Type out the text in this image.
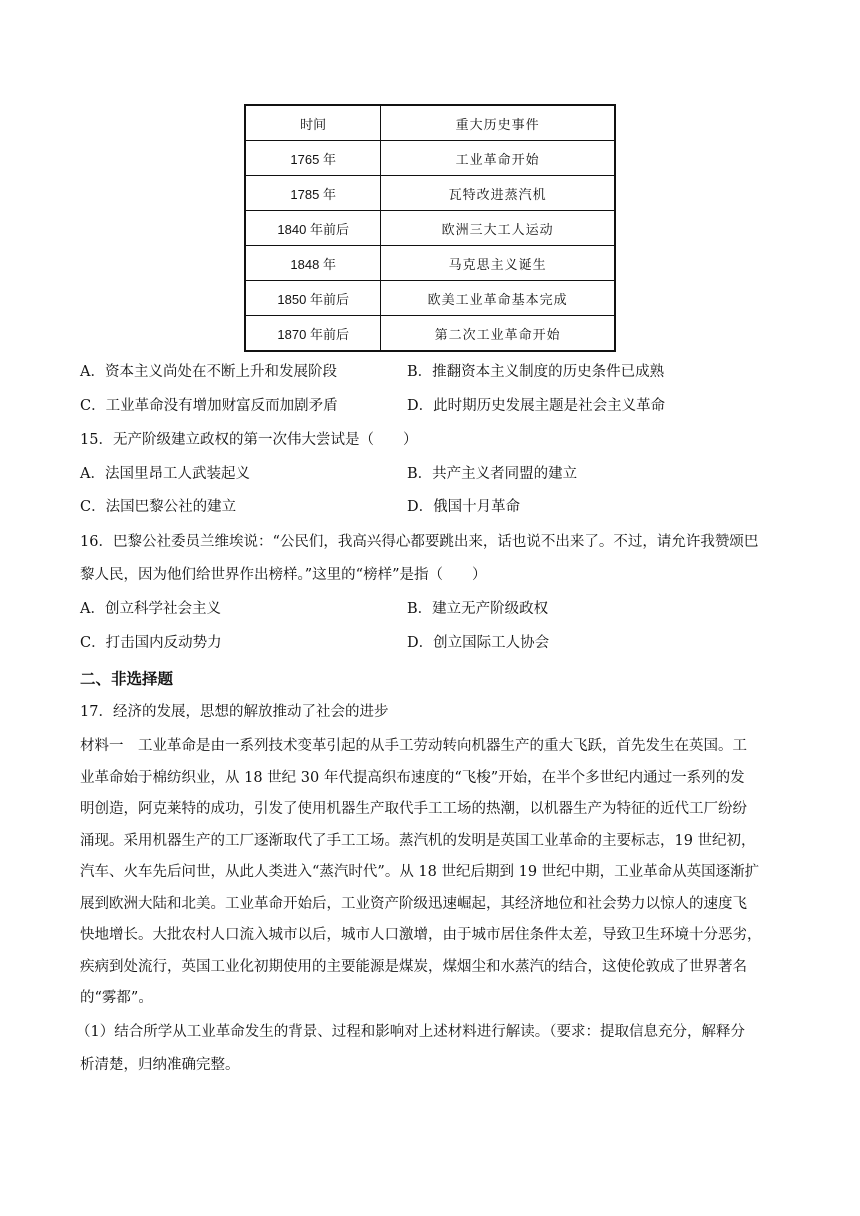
时间	重大历史事件
1765 年	工业革命开始
1785 年	瓦特改进蒸汽机
1840 年前后	欧洲三大工人运动
1848 年	马克思主义诞生
1850 年前后	欧美工业革命基本完成
1870 年前后	第二次工业革命开始
A．资本主义尚处在不断上升和发展阶段	B．推翻资本主义制度的历史条件已成熟
C．工业革命没有增加财富反而加剧矛盾	D．此时期历史发展主题是社会主义革命
15．无产阶级建立政权的第一次伟大尝试是（　　）
A．法国里昂工人武装起义	B．共产主义者同盟的建立
C．法国巴黎公社的建立	D．俄国十月革命
16．巴黎公社委员兰维埃说：“公民们，我高兴得心都要跳出来，话也说不出来了。不过，请允许我赞颂巴
黎人民，因为他们给世界作出榜样。”这里的“榜样”是指（　　）
A．创立科学社会主义	B．建立无产阶级政权
C．打击国内反动势力	D．创立国际工人协会
二、非选择题
17．经济的发展，思想的解放推动了社会的进步
材料一　工业革命是由一系列技术变革引起的从手工劳动转向机器生产的重大飞跃，首先发生在英国。工
业革命始于棉纺织业，从 18 世纪 30 年代提高织布速度的“飞梭”开始，在半个多世纪内通过一系列的发
明创造，阿克莱特的成功，引发了使用机器生产取代手工工场的热潮，以机器生产为特征的近代工厂纷纷
涌现。采用机器生产的工厂逐渐取代了手工工场。蒸汽机的发明是英国工业革命的主要标志，19 世纪初，
汽车、火车先后问世，从此人类进入“蒸汽时代”。从 18 世纪后期到 19 世纪中期，工业革命从英国逐渐扩
展到欧洲大陆和北美。工业革命开始后，工业资产阶级迅速崛起，其经济地位和社会势力以惊人的速度飞
快地增长。大批农村人口流入城市以后，城市人口激增，由于城市居住条件太差，导致卫生环境十分恶劣，
疾病到处流行，英国工业化初期使用的主要能源是煤炭，煤烟尘和水蒸汽的结合，这使伦敦成了世界著名
的“雾都”。
（1）结合所学从工业革命发生的背景、过程和影响对上述材料进行解读。（要求：提取信息充分，解释分
析清楚，归纳准确完整。
